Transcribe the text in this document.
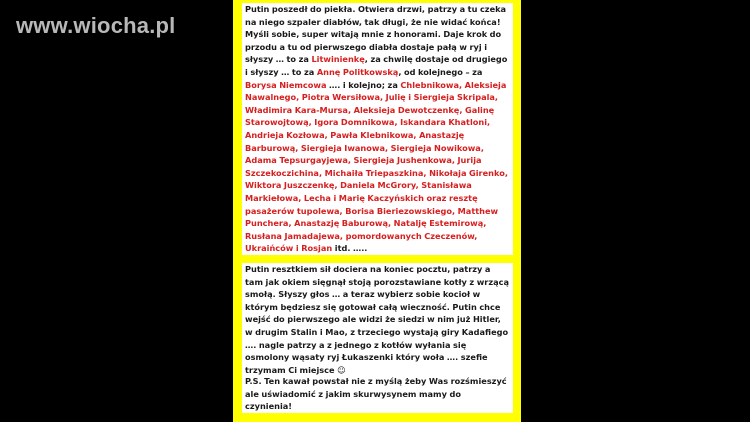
www.wiocha.pl
Putin poszedł do piekła. Otwiera drzwi, patrzy a tu czeka na niego szpaler diabłów, tak długi, że nie widać końca! Myśli sobie, super witają mnie z honorami. Daje krok do przodu a tu od pierwszego diabła dostaje pałą w ryj i słyszy … to za Litwinienkę, za chwilę dostaje od drugiego i słyszy … to za Annę Politkowską, od kolejnego – za Borysa Niemcowa …. i kolejno; za Chlebnikowa, Aleksieja Nawalnego, Piotra Wersiłowa, Julię i Siergieja Skripala, Władimira Kara-Mursa, Aleksieja Dewotczenkę, Galinę Starowojtową, Igora Domnikowa, Iskandara Khatloni, Andrieja Kozłowa, Pawła Klebnikowa, Anastazję Barburową, Siergieja Iwanowa, Siergieja Nowikowa, Adama Tepsurgayjewa, Siergieja Jushenkowa, Jurija Szczekoczichina, Michaiła Triepaszkina, Nikołaja Girenko, Wiktora Juszczenkę, Daniela McGrory, Stanisława Markiełowa, Lecha i Marię Kaczyńskich oraz resztę pasażerów tupolewa, Borisa Bieriezowskiego, Matthew Punchera, Anastazję Baburową, Natalję Estemirową, Rusłana Jamadajewa, pomordowanych Czeczenów, Ukraińców i Rosjan itd. …..
Putin resztkiem sił dociera na koniec pocztu, patrzy a tam jak okiem sięgnął stoją porozstawiane kotły z wrzącą smołą. Słyszy głos … a teraz wybierz sobie kocioł w którym będziesz się gotował całą wieczność. Putin chce wejść do pierwszego ale widzi że siedzi w nim już Hitler, w drugim Stalin i Mao, z trzeciego wystają giry Kadafiego …. nagle patrzy a z jednego z kotłów wyłania się osmolony wąsaty ryj Łukaszenki który woła …. szefie trzymam Ci miejsce ☺
P.S. Ten kawał powstał nie z myślą żeby Was rozśmieszyć ale uświadomić z jakim skurwysynem mamy do czynienia!
